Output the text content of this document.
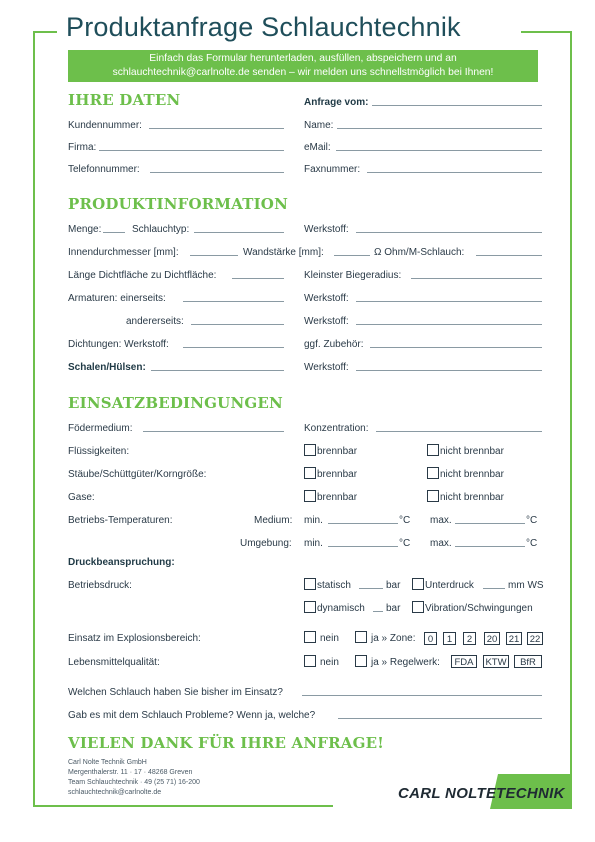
Produktanfrage Schlauchtechnik
Einfach das Formular herunterladen, ausfüllen, abspeichern und an
schlauchtechnik@carlnolte.de senden – wir melden uns schnellstmöglich bei Ihnen!
IHRE DATEN	Anfrage vom:
Kundennummer:	Name:
Firma:	eMail:
Telefonnummer:	Faxnummer:
PRODUKTINFORMATION
Menge:	Schlauchtyp:	Werkstoff:
Innendurchmesser [mm]:	Wandstärke [mm]:	Ω Ohm/M-Schlauch:
Länge Dichtfläche zu Dichtfläche:	Kleinster Biegeradius:
Armaturen: einerseits:	Werkstoff:
andererseits:	Werkstoff:
Dichtungen: Werkstoff:	ggf. Zubehör:
Schalen/Hülsen:	Werkstoff:
EINSATZBEDINGUNGEN
Födermedium:	Konzentration:
Flüssigkeiten:	brennbar	nicht brennbar
Stäube/Schüttgüter/Korngröße:	brennbar	nicht brennbar
Gase:	brennbar	nicht brennbar
Betriebs-Temperaturen:	Medium: min.	°C max.	°C
Umgebung: min.	°C max.	°C
Druckbeanspruchung:
Betriebsdruck:	statisch	bar Unterdruck	mm WS
dynamisch bar Vibration/Schwingungen
Einsatz im Explosionsbereich:	nein	ja » Zone:	0	1	2	20 21 22
Lebensmittelqualität:	nein	ja » Regelwerk:	FDA	KTW	BfR
Welchen Schlauch haben Sie bisher im Einsatz?
Gab es mit dem Schlauch Probleme? Wenn ja, welche?
VIELEN DANK FÜR IHRE ANFRAGE!
Carl Nolte Technik GmbH
Mergenthalerstr. 11 · 17 · 48268 Greven
Team Schlauchtechnik · 49 (25 71) 16-200
schlauchtechnik@carlnolte.de	CARL NOLTE TECHNIK
